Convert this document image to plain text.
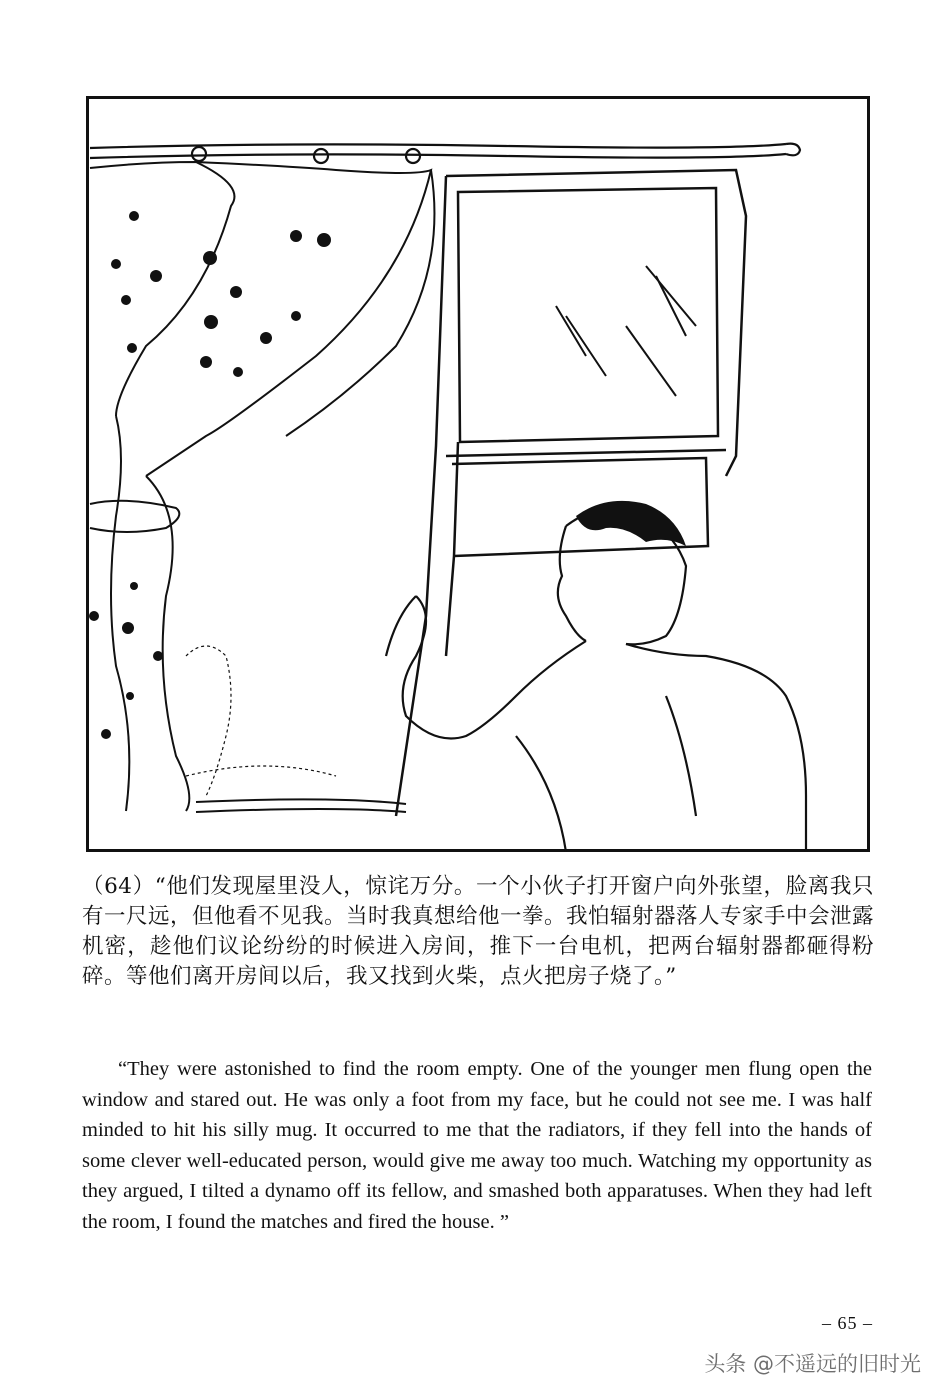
（64）“他们发现屋里没人，惊诧万分。一个小伙子打开窗户向外张望，脸离我只有一尺远，但他看不见我。当时我真想给他一拳。我怕辐射器落人专家手中会泄露机密，趁他们议论纷纷的时候进入房间，推下一台电机，把两台辐射器都砸得粉碎。等他们离开房间以后，我又找到火柴，点火把房子烧了。”

“They were astonished to find the room empty. One of the younger men flung open the window and stared out. He was only a foot from my face, but he could not see me. I was half minded to hit his silly mug. It occurred to me that the radiators, if they fell into the hands of some clever well-educated person, would give me away too much. Watching my opportunity as they argued, I tilted a dynamo off its fellow, and smashed both apparatuses. When they had left the room, I found the matches and fired the house. ”

– 65 –
头条 @不遥远的旧时光
